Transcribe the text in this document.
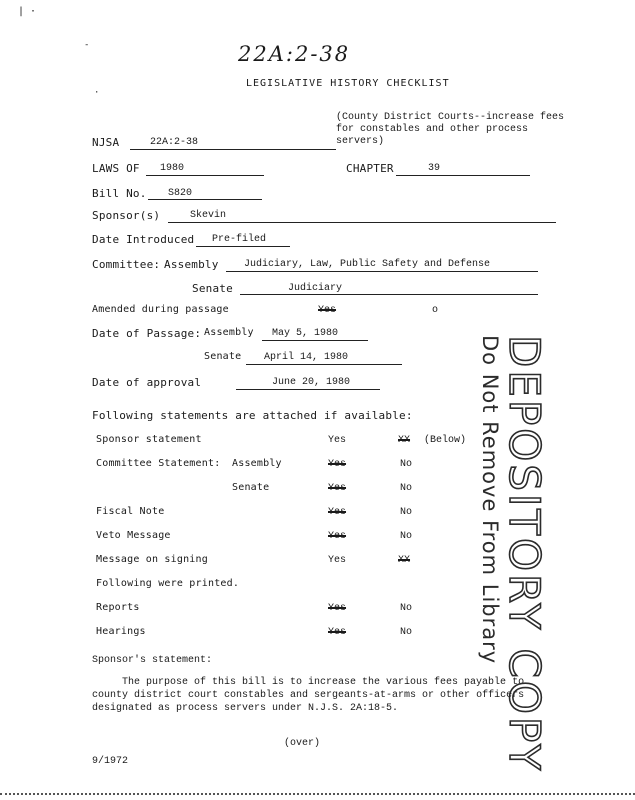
| ·
-
·
22A:2-38
LEGISLATIVE HISTORY CHECKLIST
(County District Courts--increase fees for constables and other process servers)
NJSA	22A:2-38
LAWS OF 1980	CHAPTER	39
Bill No. S820
Sponsor(s)	Skevin
Date Introduced Pre-filed
Committee: Assembly	Judiciary, Law, Public Safety and Defense
Senate	Judiciary
Amended during passage	Yes	o
Date of Passage: Assembly May 5, 1980
Senate April 14, 1980
Date of approval	June 20, 1980
Following statements are attached if available:
Sponsor statement	Yes	XX (Below)
Committee Statement: Assembly	Yes	No
Senate	Yes	No
Fiscal Note	Yes	No
Veto Message	Yes	No
Message on signing	Yes	XX
Following were printed.
Reports	Yes	No
Hearings	Yes	No
Sponsor's statement:
The purpose of this bill is to increase the various fees payable to county district court constables and sergeants-at-arms or other officers designated as process servers under N.J.S. 2A:18-5.	DEPOSITORY COPY
Do Not Remove From Library
(over)
9/1972
